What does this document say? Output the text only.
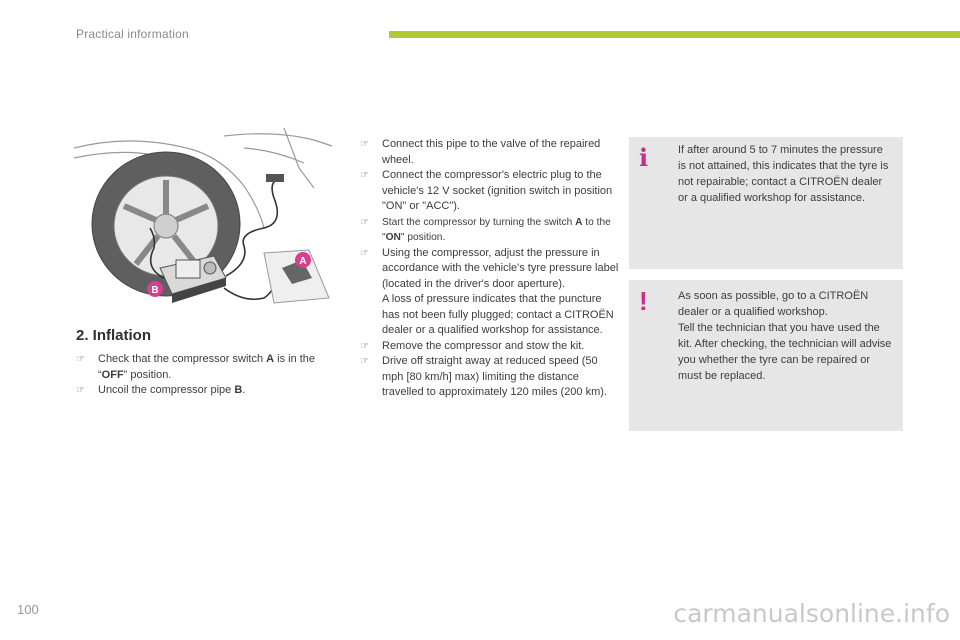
Practical information
A
B
2. Inflation
☞ Check that the compressor switch A is in the “OFF” position.
☞ Uncoil the compressor pipe B.
☞ Connect this pipe to the valve of the repaired wheel.
☞ Connect the compressor's electric plug to the vehicle's 12 V socket (ignition switch in position "ON" or "ACC").
☞ Start the compressor by turning the switch A to the "ON" position.
☞ Using the compressor, adjust the pressure in accordance with the vehicle's tyre pressure label (located in the driver's door aperture).
A loss of pressure indicates that the puncture has not been fully plugged; contact a CITROËN dealer or a qualified workshop for assistance.
☞ Remove the compressor and stow the kit.
☞ Drive off straight away at reduced speed (50 mph [80 km/h] max) limiting the distance travelled to approximately 120 miles (200 km).
i	If after around 5 to 7 minutes the pressure is not attained, this indicates that the tyre is not repairable; contact a CITROËN dealer or a qualified workshop for assistance.
!	As soon as possible, go to a CITROËN dealer or a qualified workshop.
Tell the technician that you have used the kit. After checking, the technician will advise you whether the tyre can be repaired or must be replaced.
100	carmanualsonline.info
